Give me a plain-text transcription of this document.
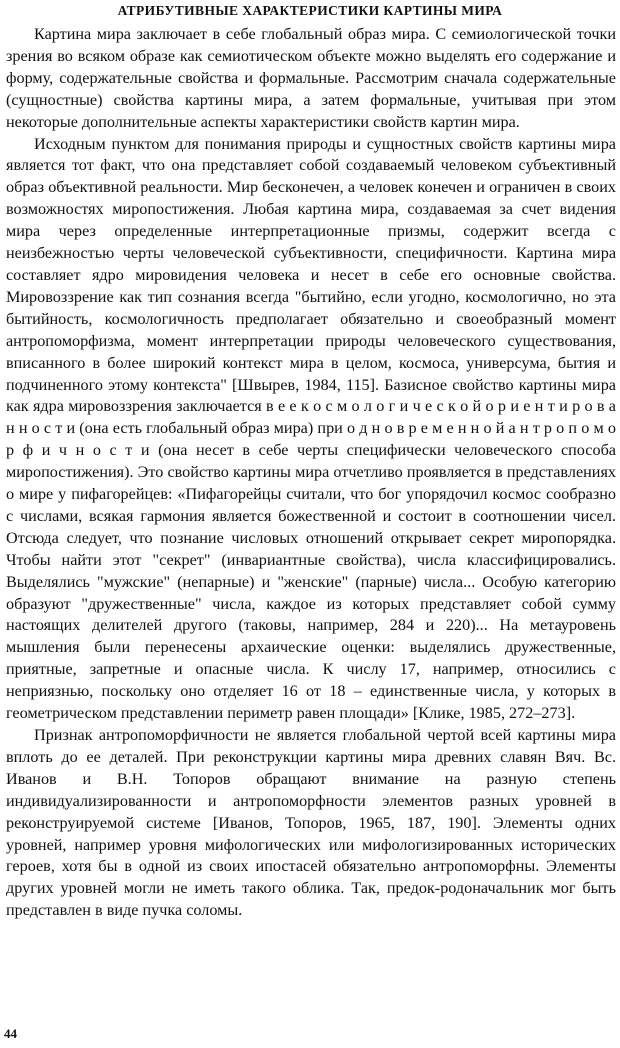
АТРИБУТИВНЫЕ ХАРАКТЕРИСТИКИ КАРТИНЫ МИРА

Картина мира заключает в себе глобальный образ мира. С семиологической точки зрения во всяком образе как семиотическом объекте можно выделять его содержание и форму, содержательные свойства и формальные. Рассмотрим сначала содержательные (сущностные) свойства картины мира, а затем формальные, учитывая при этом некоторые дополнительные аспекты характеристики свойств картин мира.

Исходным пунктом для понимания природы и сущностных свойств картины мира является тот факт, что она представляет собой создаваемый человеком субъективный образ объективной реальности. Мир бесконечен, а человек конечен и ограничен в своих возможностях миропостижения. Любая картина мира, создаваемая за счет видения мира через определенные интерпретационные призмы, содержит всегда с неизбежностью черты человеческой субъективности, специфичности. Картина мира составляет ядро мировидения человека и несет в себе его основные свойства. Мировоззрение как тип сознания всегда "бытийно, если угодно, космологично, но эта бытийность, космологичность предполагает обязательно и своеобразный момент антропоморфизма, момент интерпретации природы человеческого существования, вписанного в более широкий контекст мира в целом, космоса, универсума, бытия и подчиненного этому контекста" [Швырев, 1984, 115]. Базисное свойство картины мира как ядра мировоззрения заключается в е е к о с м о л о г и ч е с к о й о р и е н т и р о в а н н о с т и (она есть глобальный образ мира) при о д н о в р е м е н н о й а н т р о п о м о р ф и ч н о с т и (она несет в себе черты специфически человеческого способа миропостижения). Это свойство картины мира отчетливо проявляется в представлениях о мире у пифагорейцев: «Пифагорейцы считали, что бог упорядочил космос сообразно с числами, всякая гармония является божественной и состоит в соотношении чисел. Отсюда следует, что познание числовых отношений открывает секрет миропорядка. Чтобы найти этот "секрет" (инвариантные свойства), числа классифицировались. Выделялись "мужские" (непарные) и "женские" (парные) числа... Особую категорию образуют "дружественные" числа, каждое из которых представляет собой сумму настоящих делителей другого (таковы, например, 284 и 220)... На метауровень мышления были перенесены архаические оценки: выделялись дружественные, приятные, запретные и опасные числа. К числу 17, например, относились с неприязнью, поскольку оно отделяет 16 от 18 – единственные числа, у которых в геометрическом представлении периметр равен площади» [Клике, 1985, 272–273].

Признак антропоморфичности не является глобальной чертой всей картины мира вплоть до ее деталей. При реконструкции картины мира древних славян Вяч. Вс. Иванов и В.Н. Топоров обращают внимание на разную степень индивидуализированности и антропоморфности элементов разных уровней в реконструируемой системе [Иванов, Топоров, 1965, 187, 190]. Элементы одних уровней, например уровня мифологических или мифологизированных исторических героев, хотя бы в одной из своих ипостасей обязательно антропоморфны. Элементы других уровней могли не иметь такого облика. Так, предок-родоначальник мог быть представлен в виде пучка соломы.

44
